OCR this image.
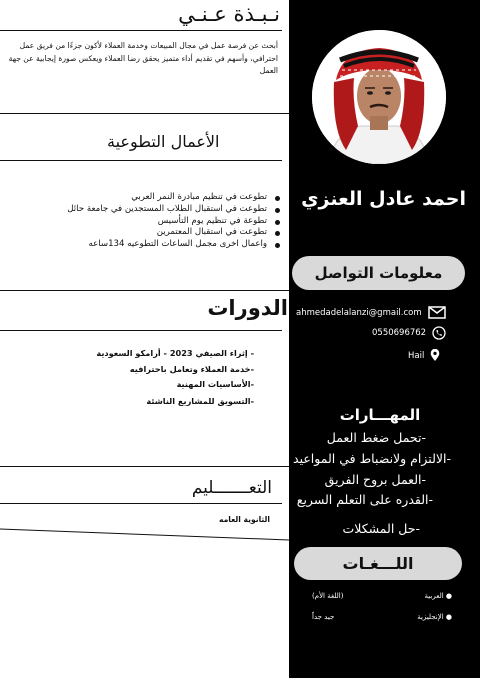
نـبـذة عـنـي
أبحث عن فرصة عمل في مجال المبيعات وخدمة العملاء لأكون جزءًا من فريق عمل احترافي، وأسهم في تقديم أداء متميز يحقق رضا العملاء ويعكس صورة إيجابية عن جهة العمل
الأعمال التطوعية
تطوعت في تنظيم مبادرة النمر العربي
تطوعت في استقبال الطلاب المستجدين في جامعة حائل
تطوعة في تنظيم يوم التأسيس
تطوعت في استقبال المعتمرين
واعمال اخرى مجمل الساعات التطوعيه 134ساعه
الدورات
- إثراء الصيفي 2023 - أرامكو السعودية
-خدمة العملاء وتعامل باحترافيه
-الأساسيات المهنية
-التسويق للمشاريع الناشئة
التعـــــــليم
الثانوية العامه
احمد عادل العنزي
معلومات التواصل
ahmedadelalanzi@gmail.com
0550696762
Hail
المهـــارات
-تحمل ضغط العمل
-الالتزام ولانضباط في المواعيد
-العمل بروح الفريق
-القدره على التعلم السريع
-حل المشكلات
اللـــغـات
● العربية
(اللغة الأم)
● الإنجليزية
جيد جداً
